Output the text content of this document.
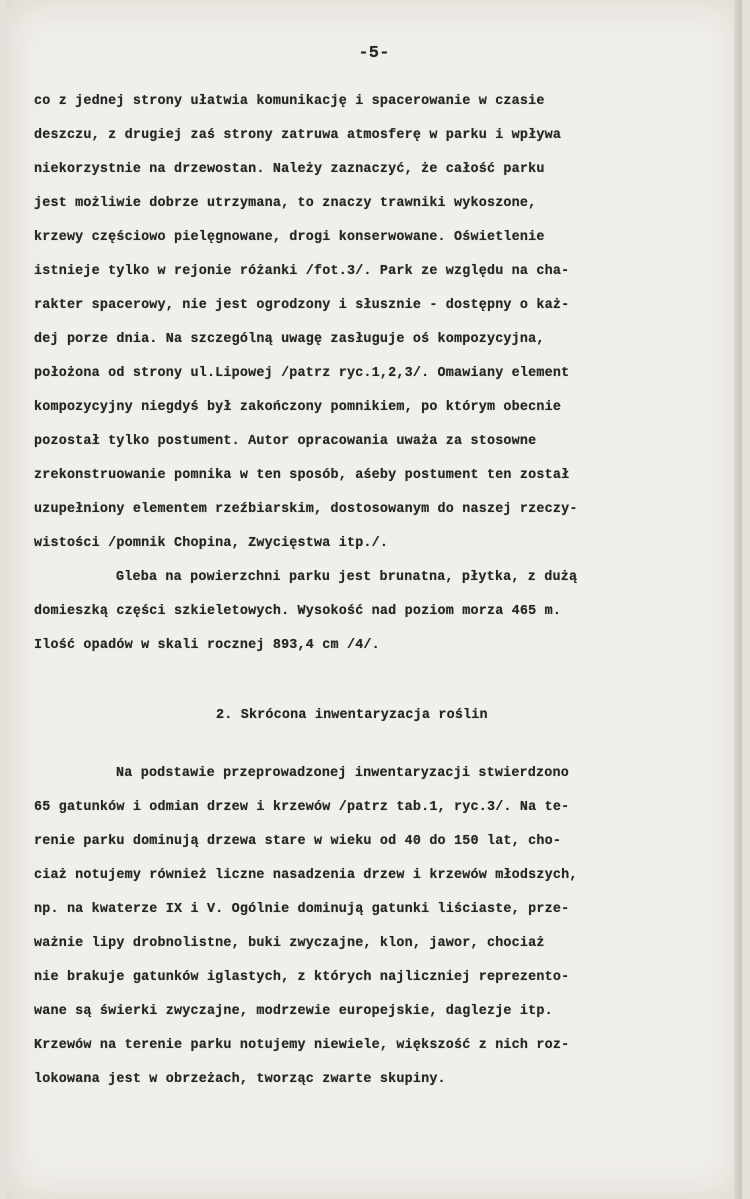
-5-
co z jednej strony ułatwia komunikację i spacerowanie w czasie
deszczu, z drugiej zaś strony zatruwa atmosferę w parku i wpływa
niekorzystnie na drzewostan. Należy zaznaczyć, że całość parku
jest możliwie dobrze utrzymana, to znaczy trawniki wykoszone,
krzewy częściowo pielęgnowane, drogi konserwowane. Oświetlenie
istnieje tylko w rejonie różanki /fot.3/. Park ze względu na cha-
rakter spacerowy, nie jest ogrodzony i słusznie - dostępny o każ-
dej porze dnia. Na szczególną uwagę zasługuje oś kompozycyjna,
położona od strony ul.Lipowej /patrz ryc.1,2,3/. Omawiany element
kompozycyjny niegdyś był zakończony pomnikiem, po którym obecnie
pozostał tylko postument. Autor opracowania uważa za stosowne
zrekonstruowanie pomnika w ten sposób, aśeby postument ten został
uzupełniony elementem rzeźbiarskim, dostosowanym do naszej rzeczy-
wistości /pomnik Chopina, Zwycięstwa itp./.
Gleba na powierzchni parku jest brunatna, płytka, z dużą
domieszką części szkieletowych. Wysokość nad poziom morza 465 m.
Ilość opadów w skali rocznej 893,4 cm /4/.
2. Skrócona inwentaryzacja roślin
Na podstawie przeprowadzonej inwentaryzacji stwierdzono
65 gatunków i odmian drzew i krzewów /patrz tab.1, ryc.3/. Na te-
renie parku dominują drzewa stare w wieku od 40 do 150 lat, cho-
ciaż notujemy również liczne nasadzenia drzew i krzewów młodszych,
np. na kwaterze IX i V. Ogólnie dominują gatunki liściaste, prze-
ważnie lipy drobnolistne, buki zwyczajne, klon, jawor, chociaż
nie brakuje gatunków iglastych, z których najliczniej reprezento-
wane są świerki zwyczajne, modrzewie europejskie, daglezje itp.
Krzewów na terenie parku notujemy niewiele, większość z nich roz-
lokowana jest w obrzeżach, tworząc zwarte skupiny.
